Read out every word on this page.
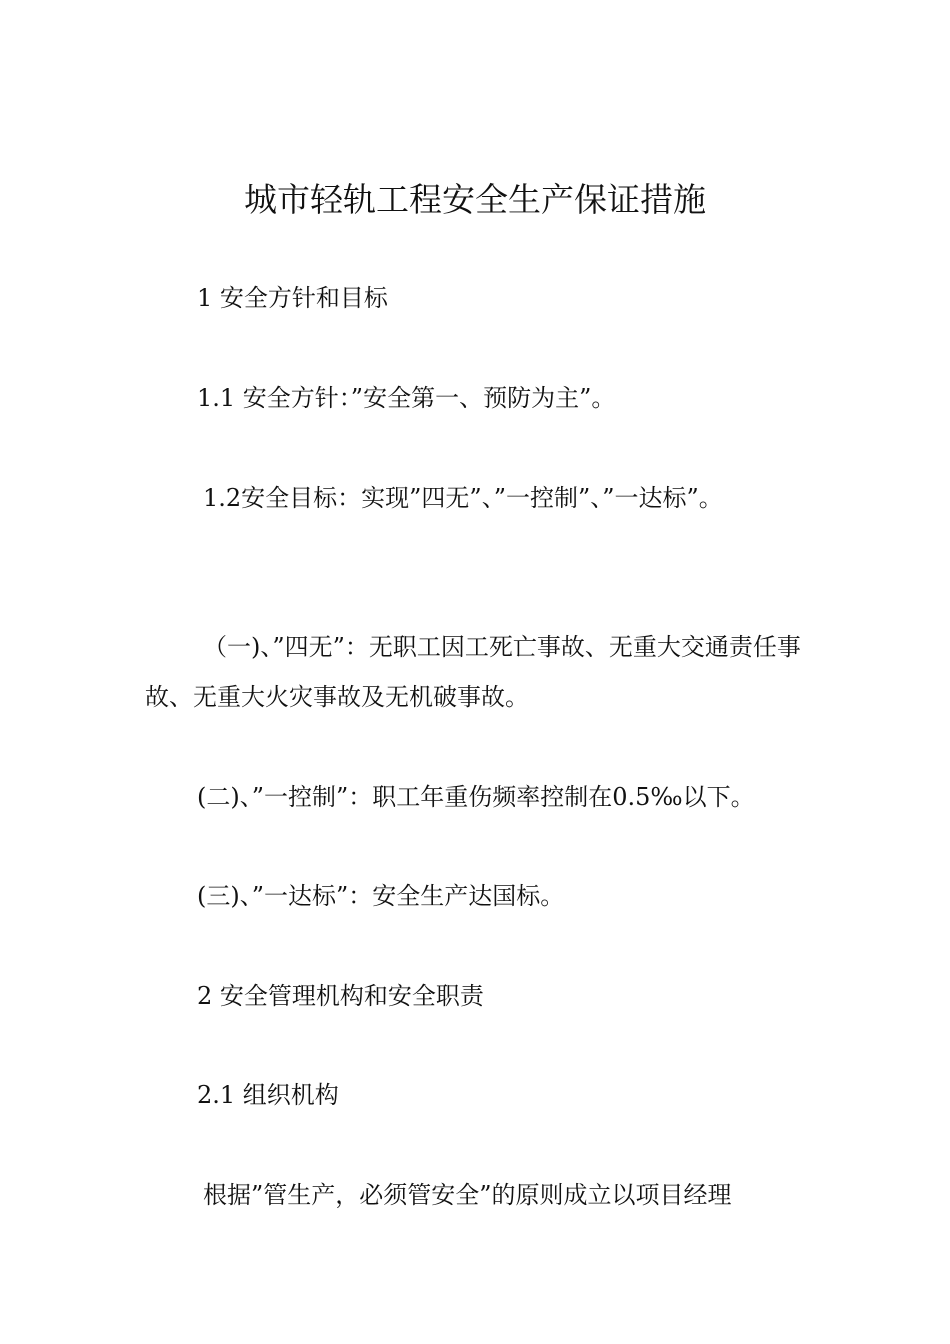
城市轻轨工程安全生产保证措施

1 安全方针和目标

1.1 安全方针：”安全第一、预防为主”。

1.2安全目标：实现”四无”、”一控制”、”一达标”。

（一)、”四无”：无职工因工死亡事故、无重大交通责任事故、无重大火灾事故及无机破事故。

(二)、”一控制”：职工年重伤频率控制在0.5‰以下。

(三)、”一达标”：安全生产达国标。

2 安全管理机构和安全职责

2.1 组织机构

根据”管生产，必须管安全”的原则成立以项目经理
